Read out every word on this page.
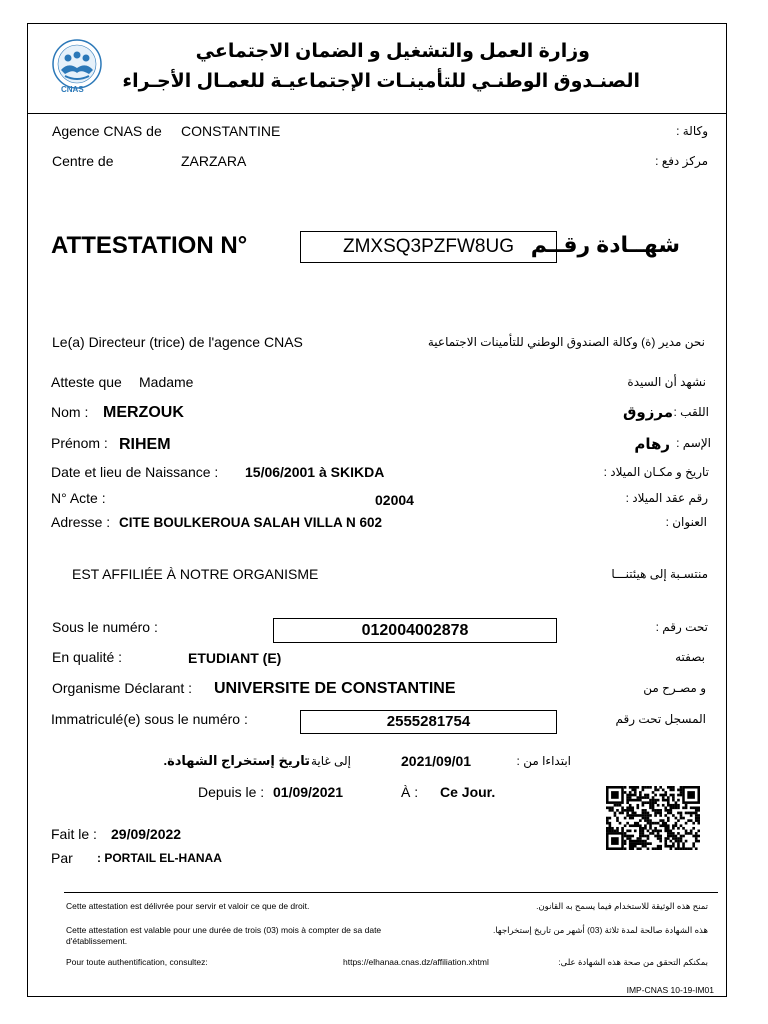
CNAS
وزارة العمل والتشغيل و الضمان الاجتماعي
الصنـدوق الوطنـي للتأمينـات الإجتماعيـة للعمـال الأجـراء
Agence CNAS de CONSTANTINE	وكالة :
Centre de	ZARZARA	مركز دفع :
ATTESTATION N°	ZMXSQ3PZFW8UG شهــادة رقــم
Le(a) Directeur (trice) de l'agence CNAS	نحن مدير (ة) وكالة الصندوق الوطني للتأمينات الاجتماعية
Atteste que Madame	نشهد أن السيدة
Nom : MERZOUK	مرزوق اللقب :
Prénom : RIHEM	رهام الإسم :
Date et lieu de Naissance : 15/06/2001 à SKIKDA	تاريخ و مكـان الميلاد :
N° Acte :	02004	رقم عقد الميلاد :
Adresse : CITE BOULKEROUA SALAH VILLA N 602	العنوان :
EST AFFILIÉE À NOTRE ORGANISME	منتسـبة إلى هيئتنـــا
Sous le numéro :	012004002878	تحت رقم :
En qualité :	ETUDIANT (E)	بصفته
Organisme Déclarant : UNIVERSITE DE CONSTANTINE	و مصـرح من
Immatriculé(e) sous le numéro :	2555281754	المسجل تحت رقم
ابتداءا من :
2021/09/01
إلى غاية :
تاريخ إستخراج الشهادة.
Depuis le : 01/09/2021	À : Ce Jour.
Fait le : 29/09/2022
Par : PORTAIL EL-HANAA
Cette attestation est délivrée pour servir et valoir ce que de droit.	تمنح هذه الوثيقة للاستخدام فيما يسمح به القانون.
Cette attestation est valable pour une durée de trois (03) mois à compter de sa date
d'établissement.
هذه الشهادة صالحة لمدة ثلاثة (03) أشهر من تاريخ إستخراجها.
Pour toute authentification, consultez:	https://elhanaa.cnas.dz/affiliation.xhtml	بمكنكم التحقق من صحة هذه الشهادة على:
IMP-CNAS 10-19-IM01
